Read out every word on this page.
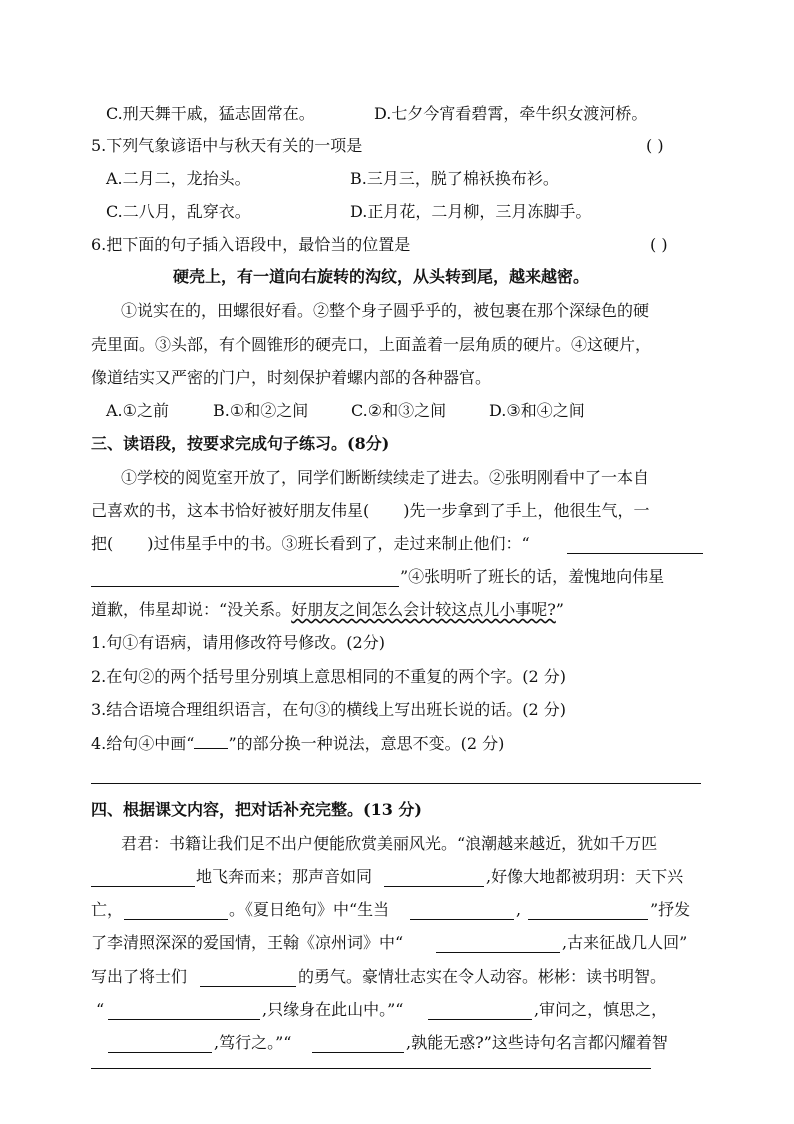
C.刑天舞干戚，猛志固常在。	D.七夕今宵看碧霄，牵牛织女渡河桥。
5.下列气象谚语中与秋天有关的一项是	( )
A.二月二，龙抬头。	B.三月三，脱了棉袄换布衫。
C.二八月，乱穿衣。	D.正月花，二月柳，三月冻脚手。
6.把下面的句子插入语段中，最恰当的位置是	( )
硬壳上，有一道向右旋转的沟纹，从头转到尾，越来越密。
①说实在的，田螺很好看。②整个身子圆乎乎的，被包裹在那个深绿色的硬
壳里面。③头部，有个圆锥形的硬壳口，上面盖着一层角质的硬片。④这硬片，
像道结实又严密的门户，时刻保护着螺内部的各种器官。
A.①之前	B.①和②之间	C.②和③之间	D.③和④之间
三、读语段，按要求完成句子练习。(8分)
①学校的阅览室开放了，同学们断断续续走了进去。②张明刚看中了一本自
己喜欢的书，这本书恰好被好朋友伟星( )先一步拿到了手上，他很生气，一
把( )过伟星手中的书。③班长看到了，走过来制止他们：“
”④张明听了班长的话，羞愧地向伟星
道歉，伟星却说：“没关系。好朋友之间怎么会计较这点儿小事呢?”
1.句①有语病，请用修改符号修改。(2分)
2.在句②的两个括号里分别填上意思相同的不重复的两个字。(2 分)
3.结合语境合理组织语言，在句③的横线上写出班长说的话。(2 分)
4.给句④中画“ ”的部分换一种说法，意思不变。(2 分)
四、根据课文内容，把对话补充完整。(13 分)
君君：书籍让我们足不出户便能欣赏美丽风光。“浪潮越来越近，犹如千万匹
地飞奔而来；那声音如同	,好像大地都被玥玥：天下兴
亡，	。《夏日绝句》中“生当	,	”抒发
了李清照深深的爱国情，王翰《凉州词》中“	,古来征战几人回”
写出了将士们	的勇气。豪情壮志实在令人动容。彬彬：读书明智。
“	,只缘身在此山中。”“	,审问之，慎思之，
,笃行之。”“	,孰能无惑?”这些诗句名言都闪耀着智
